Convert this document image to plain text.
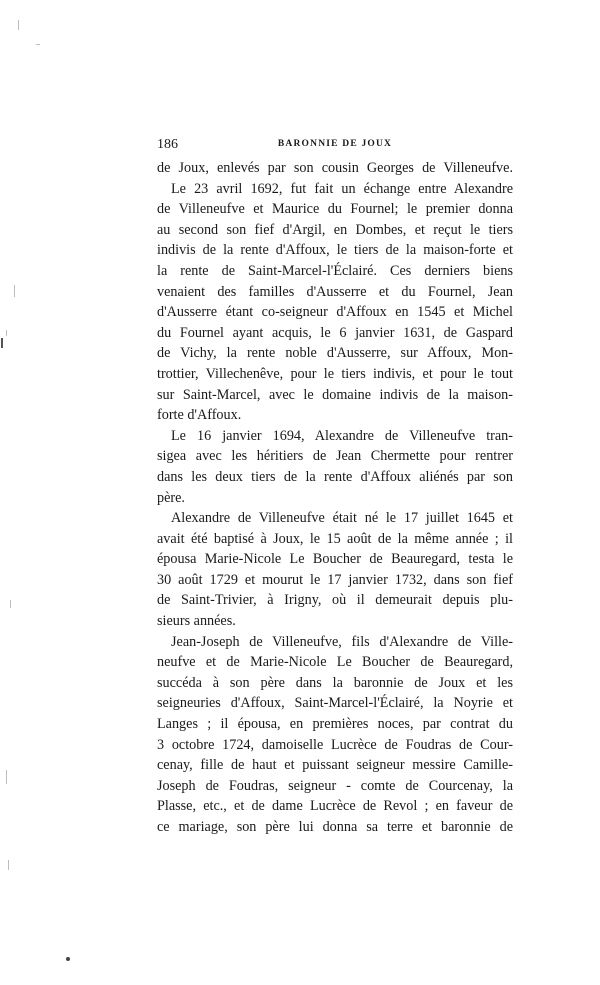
186	BARONNIE DE JOUX
de Joux, enlevés par son cousin Georges de Villeneufve.
Le 23 avril 1692, fut fait un échange entre Alexandre
de Villeneufve et Maurice du Fournel; le premier donna
au second son fief d'Argil, en Dombes, et reçut le tiers
indivis de la rente d'Affoux, le tiers de la maison-forte et
la rente de Saint-Marcel-l'Éclairé. Ces derniers biens
venaient des familles d'Ausserre et du Fournel, Jean
d'Ausserre étant co-seigneur d'Affoux en 1545 et Michel
du Fournel ayant acquis, le 6 janvier 1631, de Gaspard
de Vichy, la rente noble d'Ausserre, sur Affoux, Mon-
trottier, Villechenêve, pour le tiers indivis, et pour le tout
sur Saint-Marcel, avec le domaine indivis de la maison-
forte d'Affoux.
Le 16 janvier 1694, Alexandre de Villeneufve tran-
sigea avec les héritiers de Jean Chermette pour rentrer
dans les deux tiers de la rente d'Affoux aliénés par son
père.
Alexandre de Villeneufve était né le 17 juillet 1645 et
avait été baptisé à Joux, le 15 août de la même année ; il
épousa Marie-Nicole Le Boucher de Beauregard, testa le
30 août 1729 et mourut le 17 janvier 1732, dans son fief
de Saint-Trivier, à Irigny, où il demeurait depuis plu-
sieurs années.
Jean-Joseph de Villeneufve, fils d'Alexandre de Ville-
neufve et de Marie-Nicole Le Boucher de Beauregard,
succéda à son père dans la baronnie de Joux et les
seigneuries d'Affoux, Saint-Marcel-l'Éclairé, la Noyrie et
Langes ; il épousa, en premières noces, par contrat du
3 octobre 1724, damoiselle Lucrèce de Foudras de Cour-
cenay, fille de haut et puissant seigneur messire Camille-
Joseph de Foudras, seigneur - comte de Courcenay, la
Plasse, etc., et de dame Lucrèce de Revol ; en faveur de
ce mariage, son père lui donna sa terre et baronnie de
